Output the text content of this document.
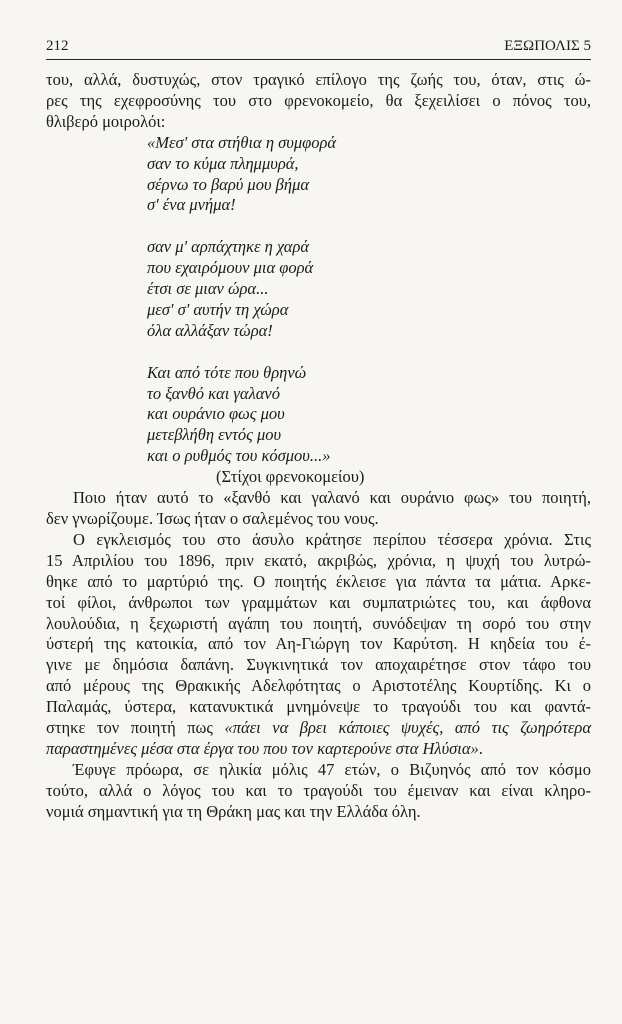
212	ΕΞΩΠΟΛΙΣ 5
του, αλλά, δυστυχώς, στον τραγικό επίλογο της ζωής του, όταν, στις ώ-
ρες της εχεφροσύνης του στο φρενοκομείο, θα ξεχειλίσει ο πόνος του,
θλιβερό μοιρολόι:
«Μεσ' στα στήθια η συμφορά
σαν το κύμα πλημμυρά,
σέρνω το βαρύ μου βήμα
σ' ένα μνήμα!
σαν μ' αρπάχτηκε η χαρά
που εχαιρόμουν μια φορά
έτσι σε μιαν ώρα...
μεσ' σ' αυτήν τη χώρα
όλα αλλάξαν τώρα!
Και από τότε που θρηνώ
το ξανθό και γαλανό
και ουράνιο φως μου
μετεβλήθη εντός μου
και ο ρυθμός του κόσμου...»
(Στίχοι φρενοκομείου)
Ποιο ήταν αυτό το «ξανθό και γαλανό και ουράνιο φως» του ποιητή,
δεν γνωρίζουμε. Ίσως ήταν ο σαλεμένος του νους.
Ο εγκλεισμός του στο άσυλο κράτησε περίπου τέσσερα χρόνια. Στις
15 Απριλίου του 1896, πριν εκατό, ακριβώς, χρόνια, η ψυχή του λυτρώ-
θηκε από το μαρτύριό της. Ο ποιητής έκλεισε για πάντα τα μάτια. Αρκε-
τοί φίλοι, άνθρωποι των γραμμάτων και συμπατριώτες του, και άφθονα
λουλούδια, η ξεχωριστή αγάπη του ποιητή, συνόδεψαν τη σορό του στην
ύστερή της κατοικία, από τον Αη-Γιώργη τον Καρύτση. Η κηδεία του έ-
γινε με δημόσια δαπάνη. Συγκινητικά τον αποχαιρέτησε στον τάφο του
από μέρους της Θρακικής Αδελφότητας ο Αριστοτέλης Κουρτίδης. Κι ο
Παλαμάς, ύστερα, κατανυκτικά μνημόνεψε το τραγούδι του και φαντά-
στηκε τον ποιητή πως «πάει να βρει κάποιες ψυχές, από τις ζωηρότερα
παραστημένες μέσα στα έργα του που τον καρτερούνε στα Ηλύσια».
Έφυγε πρόωρα, σε ηλικία μόλις 47 ετών, ο Βιζυηνός από τον κόσμο
τούτο, αλλά ο λόγος του και το τραγούδι του έμειναν και είναι κληρο-
νομιά σημαντική για τη Θράκη μας και την Ελλάδα όλη.
